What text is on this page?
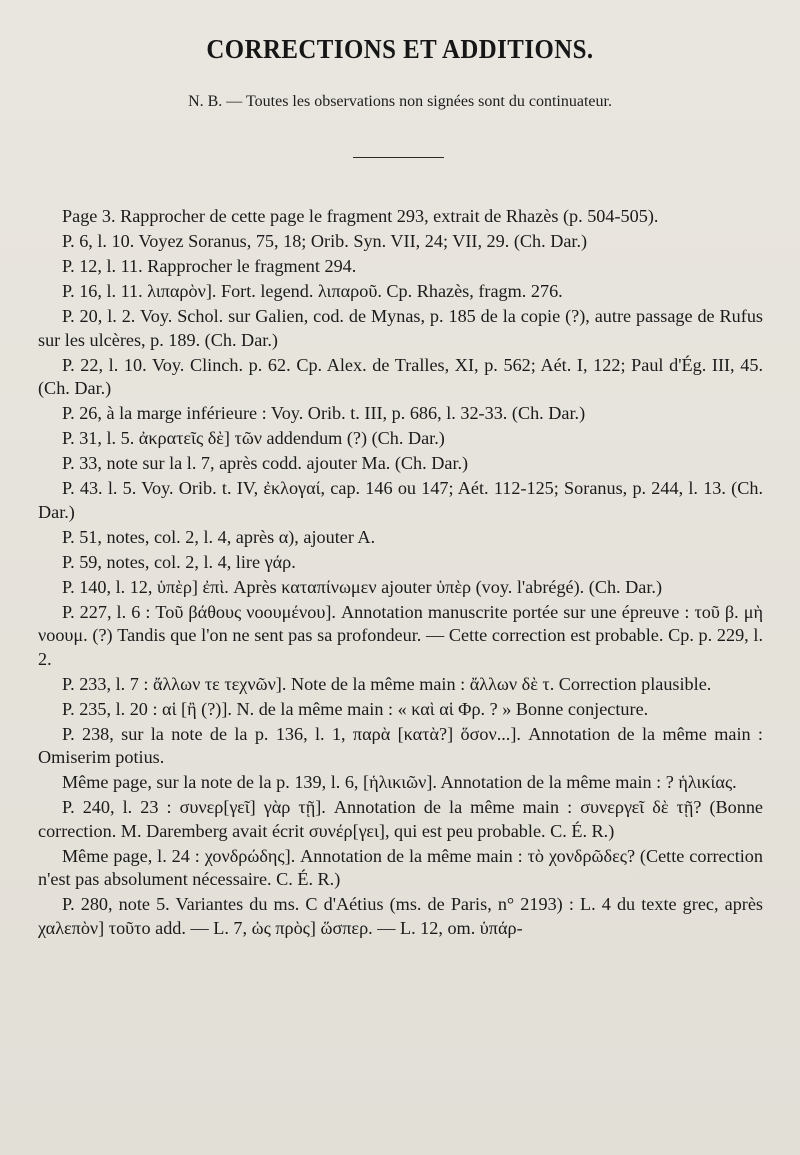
CORRECTIONS ET ADDITIONS.
N. B. — Toutes les observations non signées sont du continuateur.

Page 3. Rapprocher de cette page le fragment 293, extrait de Rhazès (p. 504-505).

P. 6, l. 10. Voyez Soranus, 75, 18; Orib. Syn. VII, 24; VII, 29. (Ch. Dar.)

P. 12, l. 11. Rapprocher le fragment 294.

P. 16, l. 11. λιπαρὸν]. Fort. legend. λιπαροῦ. Cp. Rhazès, fragm. 276.

P. 20, l. 2. Voy. Schol. sur Galien, cod. de Mynas, p. 185 de la copie (?), autre passage de Rufus sur les ulcères, p. 189. (Ch. Dar.)

P. 22, l. 10. Voy. Clinch. p. 62. Cp. Alex. de Tralles, XI, p. 562; Aét. I, 122; Paul d'Ég. III, 45. (Ch. Dar.)

P. 26, à la marge inférieure : Voy. Orib. t. III, p. 686, l. 32-33. (Ch. Dar.)

P. 31, l. 5. ἀκρατεῖς δὲ] τῶν addendum (?) (Ch. Dar.)

P. 33, note sur la l. 7, après codd. ajouter Ma. (Ch. Dar.)

P. 43. l. 5. Voy. Orib. t. IV, ἐκλογαί, cap. 146 ou 147; Aét. 112-125; Soranus, p. 244, l. 13. (Ch. Dar.)

P. 51, notes, col. 2, l. 4, après α), ajouter A.

P. 59, notes, col. 2, l. 4, lire γάρ.

P. 140, l. 12, ὑπὲρ] ἐπὶ. Après καταπίνωμεν ajouter ὑπὲρ (voy. l'abrégé). (Ch. Dar.)

P. 227, l. 6 : Τοῦ βάθους νοουμένου]. Annotation manuscrite portée sur une épreuve : τοῦ β. μὴ νοουμ. (?) Tandis que l'on ne sent pas sa profondeur. — Cette correction est probable. Cp. p. 229, l. 2.

P. 233, l. 7 : ἄλλων τε τεχνῶν]. Note de la même main : ἄλλων δὲ τ. Correction plausible.

P. 235, l. 20 : αἱ [ἢ (?)]. N. de la même main : « καὶ αἱ Φρ. ? » Bonne conjecture.

P. 238, sur la note de la p. 136, l. 1, παρὰ [κατὰ?] ὅσον...]. Annotation de la même main : Omiserim potius.

Même page, sur la note de la p. 139, l. 6, [ἡλικιῶν]. Annotation de la même main : ? ἡλικίας.

P. 240, l. 23 : συνερ[γεῖ] γὰρ τῇ]. Annotation de la même main : συνεργεῖ δὲ τῇ? (Bonne correction. M. Daremberg avait écrit συνέρ[γει], qui est peu probable. C. É. R.)

Même page, l. 24 : χονδρώδης]. Annotation de la même main : τὸ χονδρῶδες? (Cette correction n'est pas absolument nécessaire. C. É. R.)

P. 280, note 5. Variantes du ms. C d'Aétius (ms. de Paris, n° 2193) : L. 4 du texte grec, après χαλεπὸν] τοῦτο add. — L. 7, ὡς πρὸς] ὥσπερ. — L. 12, om. ὑπάρ-
